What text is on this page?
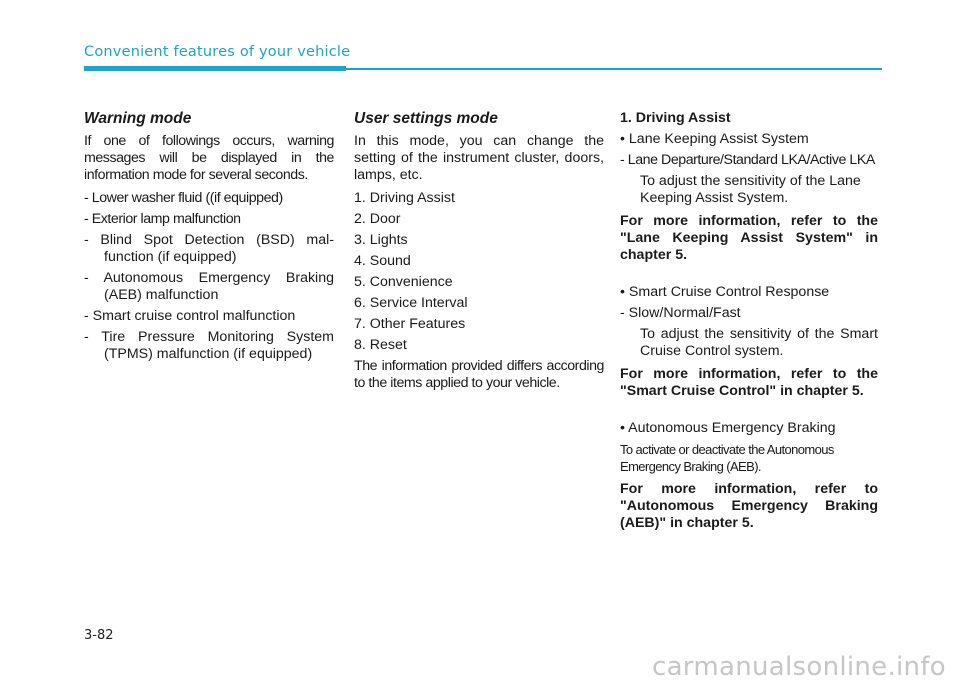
Convenient features of your vehicle
Warning mode

If one of followings occurs, warning messages will be displayed in the information mode for several seconds.

- Lower washer fluid ((if equipped)

- Exterior lamp malfunction

- Blind Spot Detection (BSD) mal-function (if equipped)

- Autonomous Emergency Braking (AEB) malfunction

- Smart cruise control malfunction

- Tire Pressure Monitoring System (TPMS) malfunction (if equipped)

User settings mode

In this mode, you can change the setting of the instrument cluster, doors, lamps, etc.

1. Driving Assist

2. Door

3. Lights

4. Sound

5. Convenience

6. Service Interval

7. Other Features

8. Reset

The information provided differs according to the items applied to your vehicle.

1. Driving Assist

• Lane Keeping Assist System

- Lane Departure/Standard LKA/Active LKA

To adjust the sensitivity of the Lane Keeping Assist System.

For more information, refer to the "Lane Keeping Assist System" in chapter 5.

• Smart Cruise Control Response

- Slow/Normal/Fast

To adjust the sensitivity of the Smart Cruise Control system.

For more information, refer to the "Smart Cruise Control" in chapter 5.

• Autonomous Emergency Braking

To activate or deactivate the Autonomous Emergency Braking (AEB).

For more information, refer to "Autonomous Emergency Braking (AEB)" in chapter 5.

3-82
carmanualsonline.info
